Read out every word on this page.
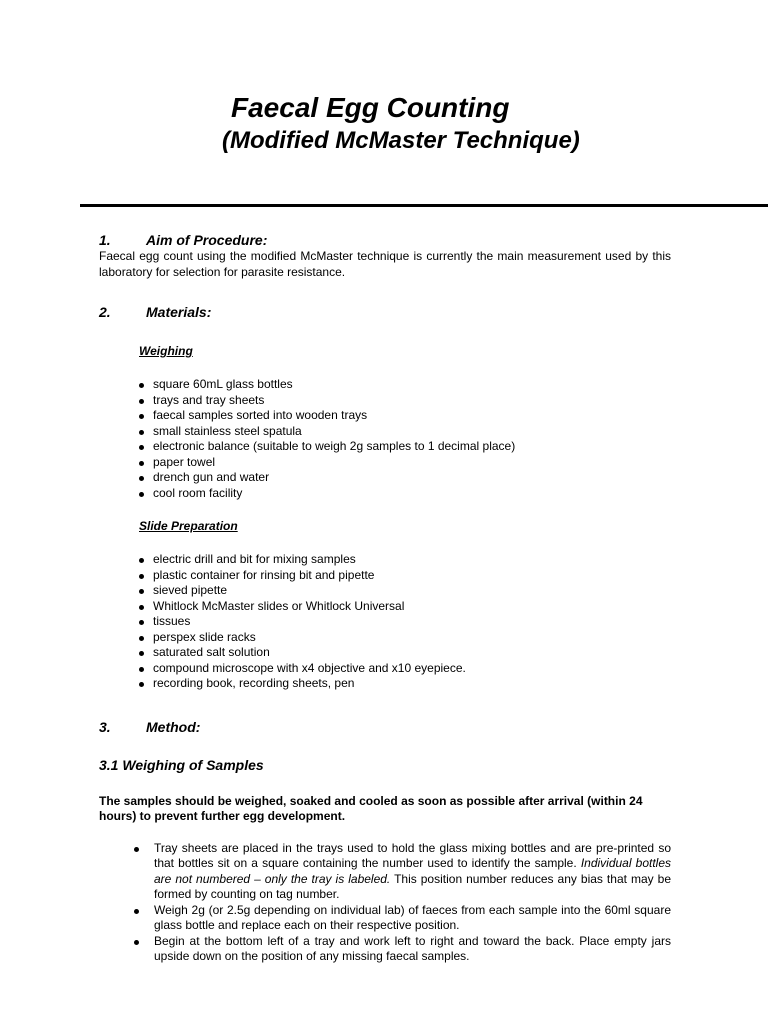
Faecal Egg Counting
(Modified McMaster Technique)
1.	Aim of Procedure:

Faecal egg count using the modified McMaster technique is currently the main measurement used by this laboratory for selection for parasite resistance.

2.	Materials:
Weighing
square 60mL glass bottles
trays and tray sheets
faecal samples sorted into wooden trays
small stainless steel spatula
electronic balance (suitable to weigh 2g samples to 1 decimal place)
paper towel
drench gun and water
cool room facility
Slide Preparation
electric drill and bit for mixing samples
plastic container for rinsing bit and pipette
sieved pipette
Whitlock McMaster slides or Whitlock Universal
tissues
perspex slide racks
saturated salt solution
compound microscope with x4 objective and x10 eyepiece.
recording book, recording sheets, pen
3.	Method:
3.1 Weighing of Samples

The samples should be weighed, soaked and cooled as soon as possible after arrival (within 24 hours) to prevent further egg development.

Tray sheets are placed in the trays used to hold the glass mixing bottles and are pre-printed so that bottles sit on a square containing the number used to identify the sample. Individual bottles are not numbered – only the tray is labeled. This position number reduces any bias that may be formed by counting on tag number.
Weigh 2g (or 2.5g depending on individual lab) of faeces from each sample into the 60ml square glass bottle and replace each on their respective position.
Begin at the bottom left of a tray and work left to right and toward the back. Place empty jars upside down on the position of any missing faecal samples.
